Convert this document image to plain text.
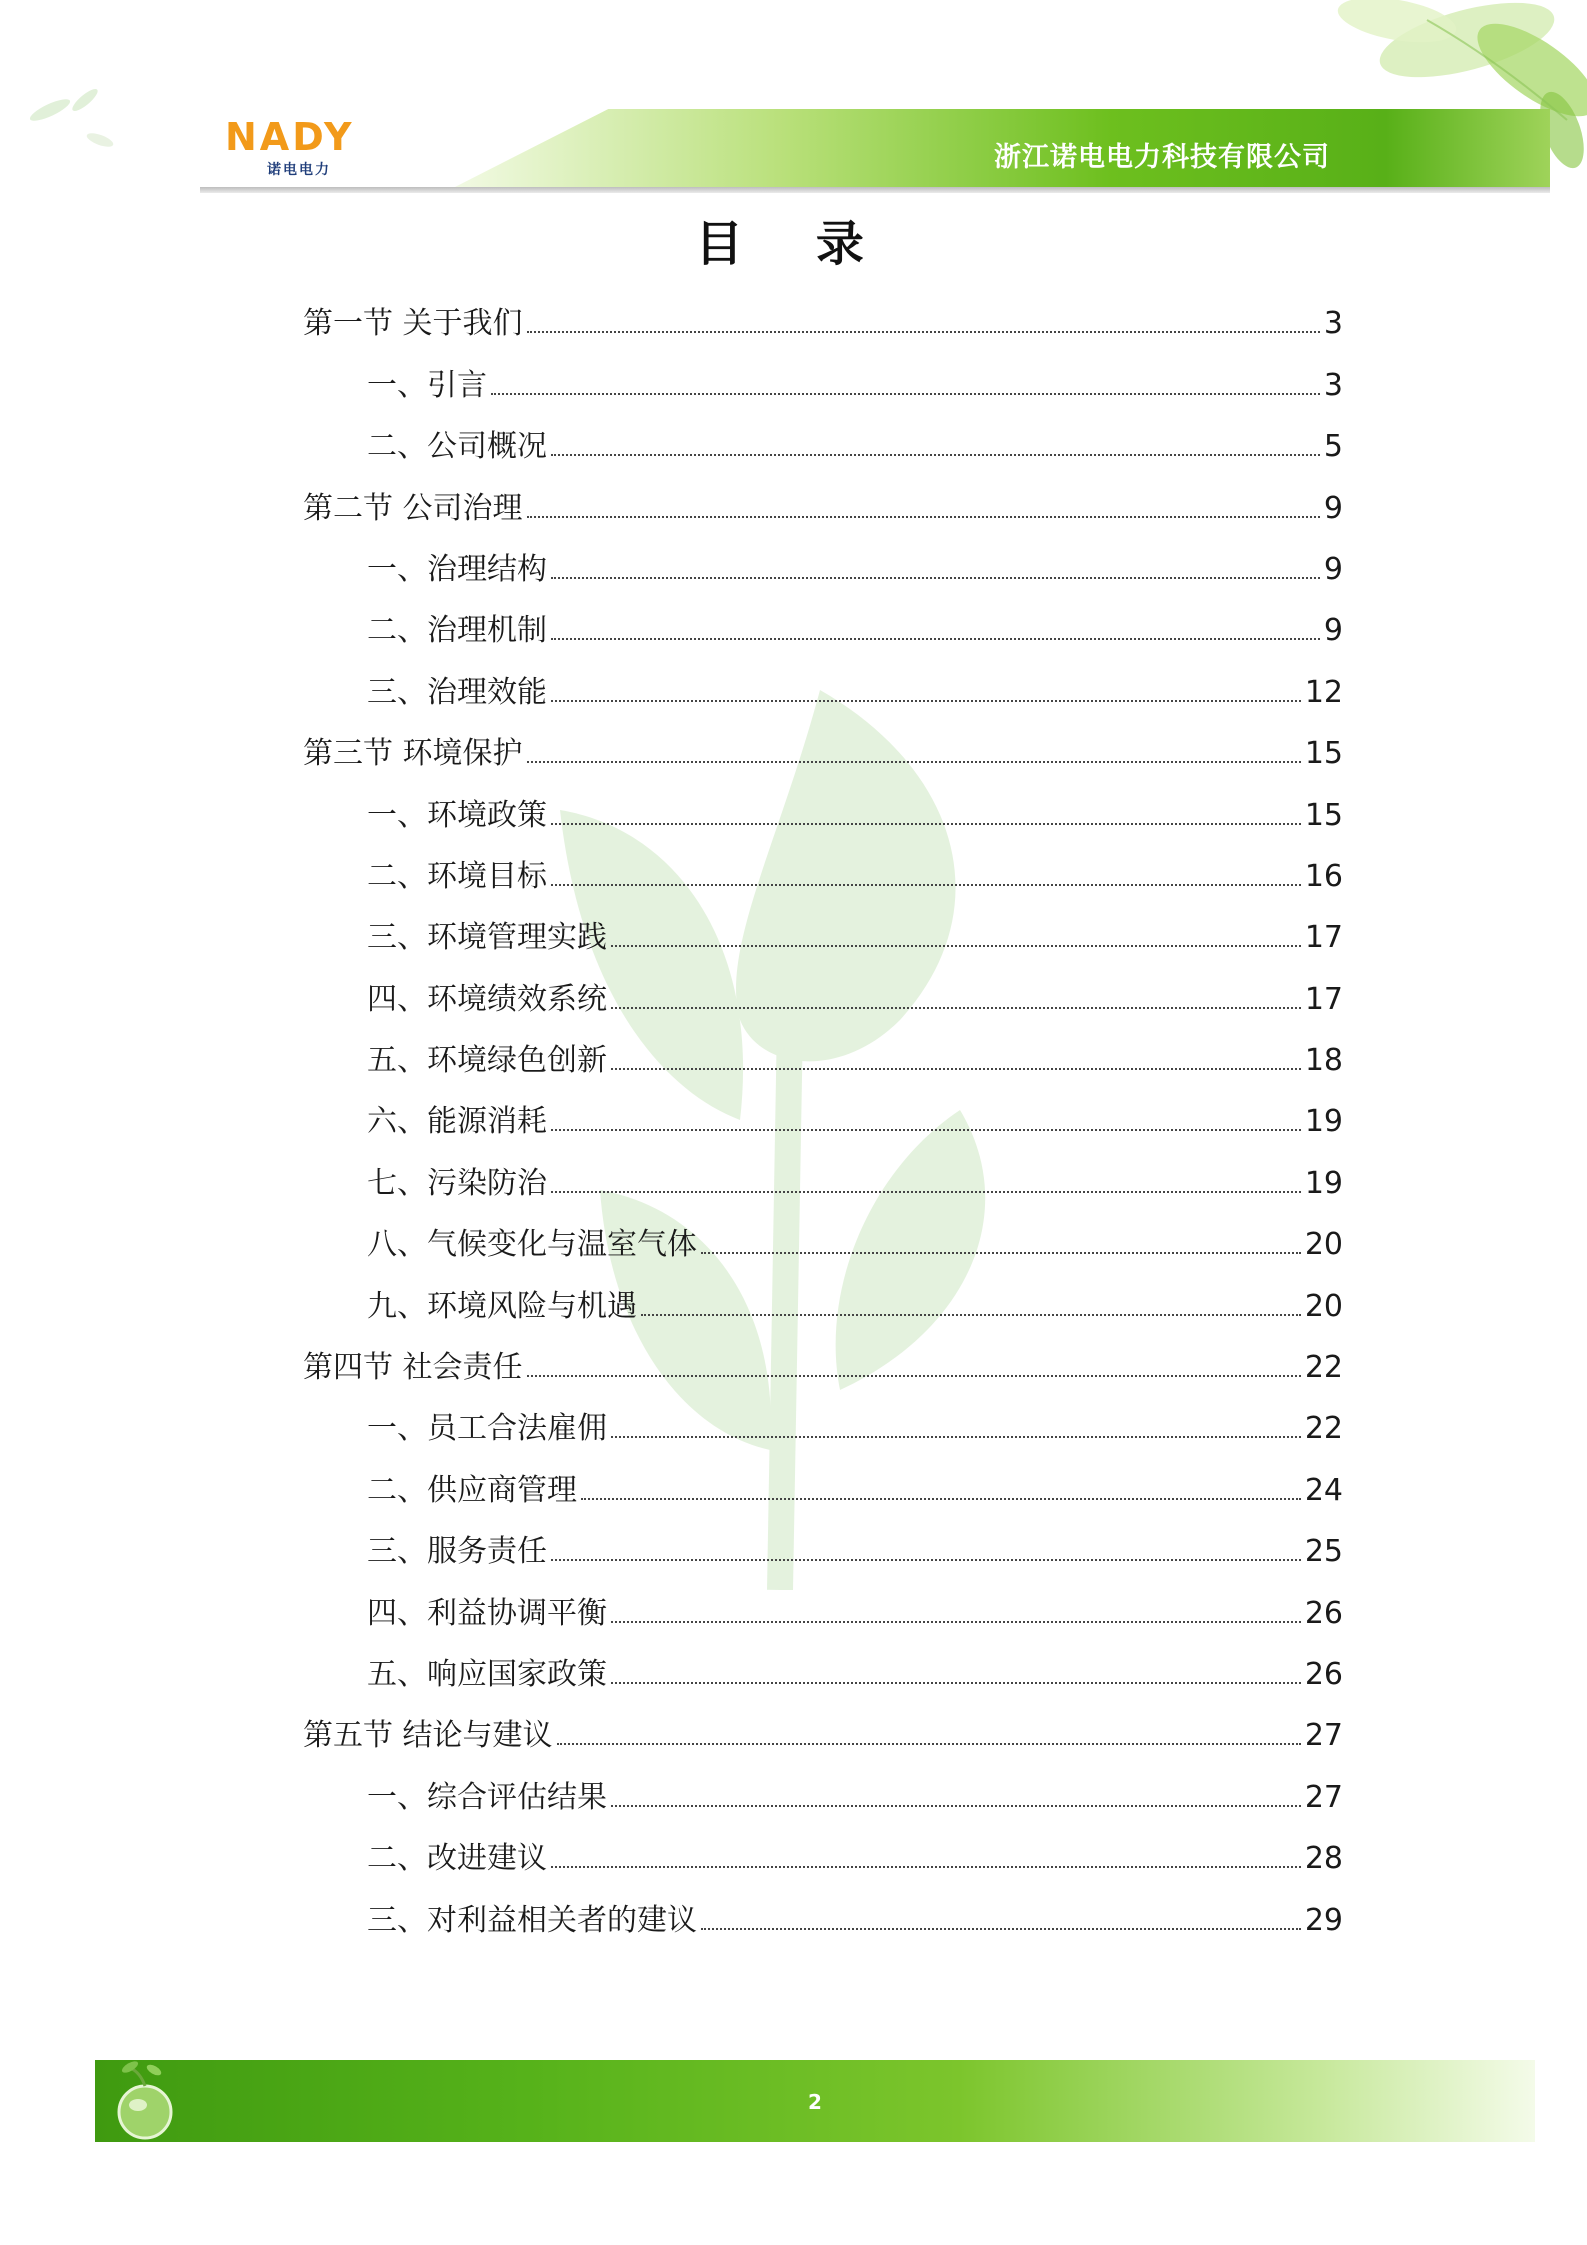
NADY
诺电电力	浙江诺电电力科技有限公司
目 录
第一节 关于我们	3
一、引言	3
二、公司概况	5
第二节 公司治理	9
一、治理结构	9
二、治理机制	9
三、治理效能	12
第三节 环境保护	15
一、环境政策	15
二、环境目标	16
三、环境管理实践	17
四、环境绩效系统	17
五、环境绿色创新	18
六、能源消耗	19
七、污染防治	19
八、气候变化与温室气体	20
九、环境风险与机遇	20
第四节 社会责任	22
一、员工合法雇佣	22
二、供应商管理	24
三、服务责任	25
四、利益协调平衡	26
五、响应国家政策	26
第五节 结论与建议	27
一、综合评估结果	27
二、改进建议	28
三、对利益相关者的建议	29
2
